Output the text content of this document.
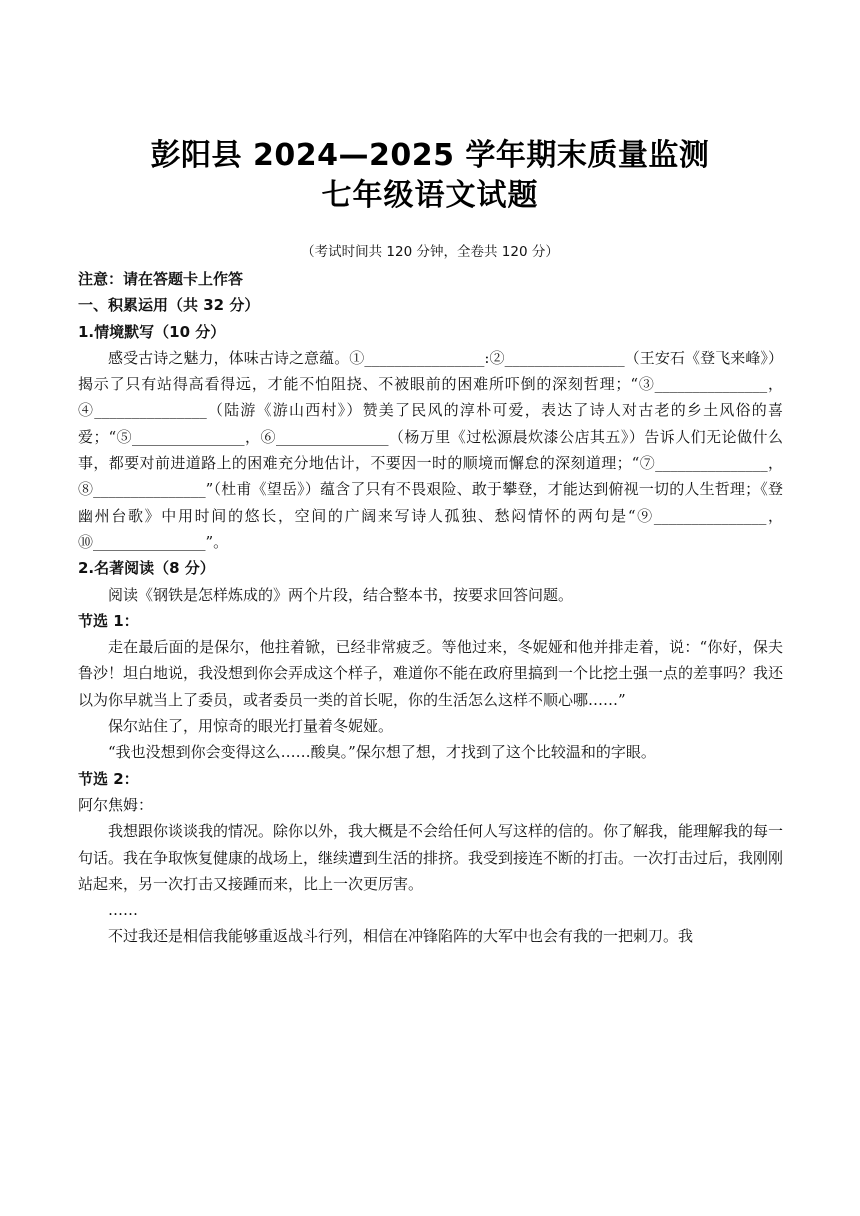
彭阳县 2024—2025 学年期末质量监测
七年级语文试题
（考试时间共 120 分钟，全卷共 120 分）

注意：请在答题卡上作答

一、积累运用（共 32 分）

1.情境默写（10 分）

感受古诗之魅力，体味古诗之意蕴。①________________:②________________（王安石《登飞来峰》）揭示了只有站得高看得远，才能不怕阻挠、不被眼前的困难所吓倒的深刻哲理；“③_______________，④_______________（陆游《游山西村》）赞美了民风的淳朴可爱，表达了诗人对古老的乡土风俗的喜爱；“⑤_______________，⑥_______________（杨万里《过松源晨炊漆公店其五》）告诉人们无论做什么事，都要对前进道路上的困难充分地估计，不要因一时的顺境而懈怠的深刻道理；“⑦_______________，⑧_______________”（杜甫《望岳》）蕴含了只有不畏艰险、敢于攀登，才能达到俯视一切的人生哲理；《登幽州台歌》中用时间的悠长，空间的广阔来写诗人孤独、愁闷情怀的两句是“⑨_______________，⑩_______________”。

2.名著阅读（8 分）

阅读《钢铁是怎样炼成的》两个片段，结合整本书，按要求回答问题。

节选 1：

走在最后面的是保尔，他拄着锨，已经非常疲乏。等他过来，冬妮娅和他并排走着，说：“你好，保夫鲁沙！坦白地说，我没想到你会弄成这个样子，难道你不能在政府里搞到一个比挖土强一点的差事吗？我还以为你早就当上了委员，或者委员一类的首长呢，你的生活怎么这样不顺心哪……”

保尔站住了，用惊奇的眼光打量着冬妮娅。

“我也没想到你会变得这么……酸臭。”保尔想了想，才找到了这个比较温和的字眼。

节选 2：

阿尔焦姆：

我想跟你谈谈我的情况。除你以外，我大概是不会给任何人写这样的信的。你了解我，能理解我的每一句话。我在争取恢复健康的战场上，继续遭到生活的排挤。我受到接连不断的打击。一次打击过后，我刚刚站起来，另一次打击又接踵而来，比上一次更厉害。

……

不过我还是相信我能够重返战斗行列，相信在冲锋陷阵的大军中也会有我的一把刺刀。我
